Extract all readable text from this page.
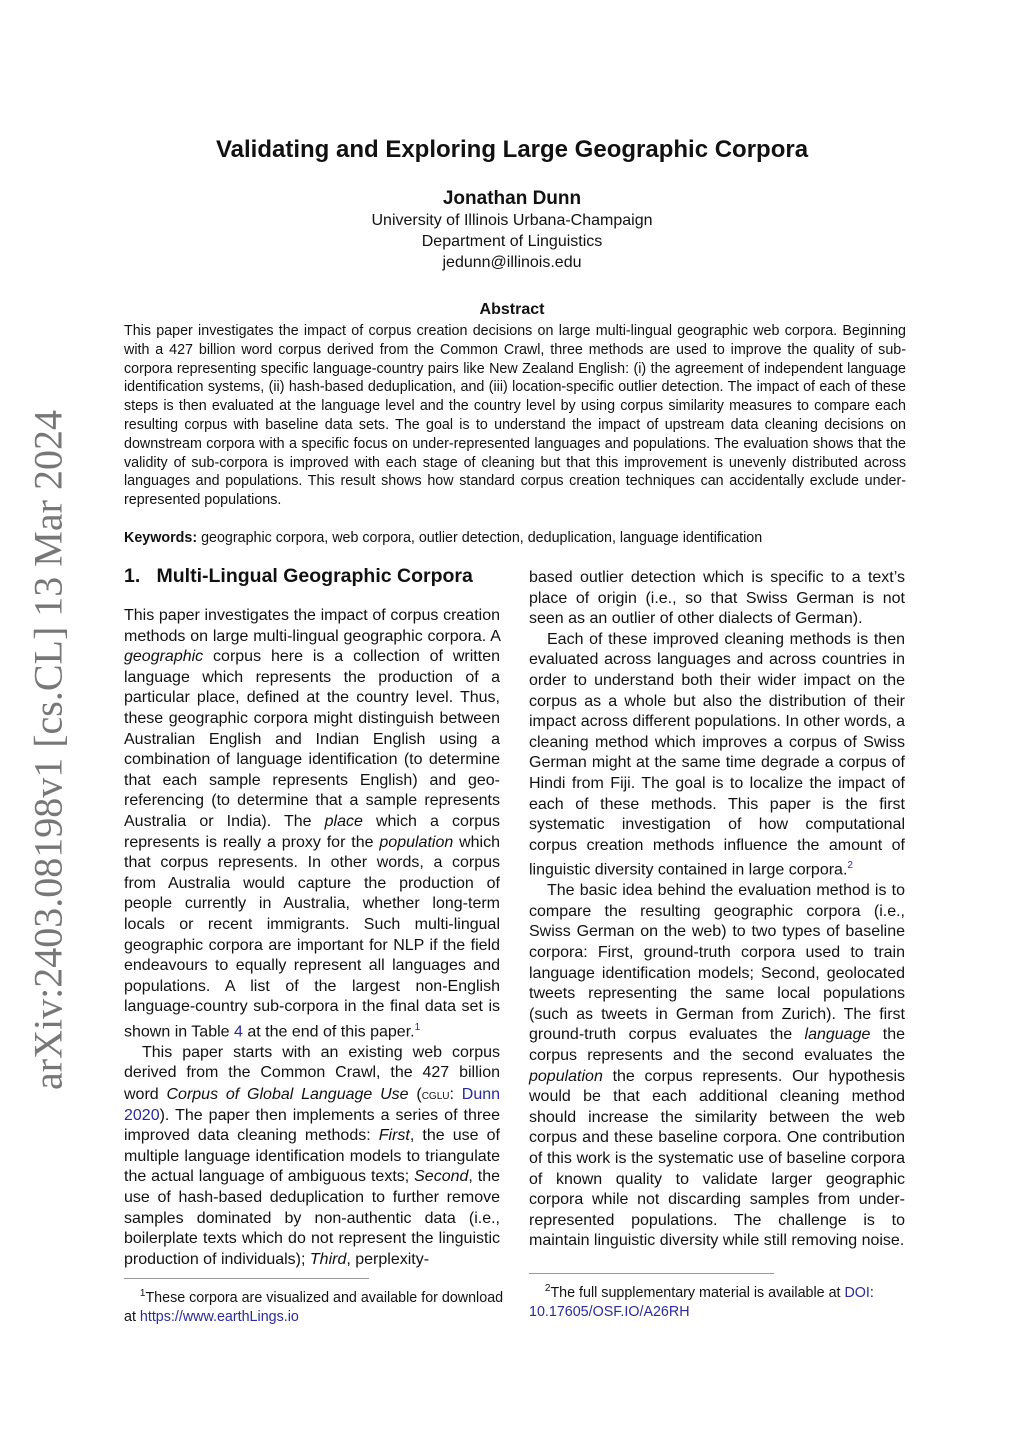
arXiv:2403.08198v1 [cs.CL] 13 Mar 2024
Validating and Exploring Large Geographic Corpora
Jonathan Dunn
University of Illinois Urbana-Champaign
Department of Linguistics
jedunn@illinois.edu
Abstract
This paper investigates the impact of corpus creation decisions on large multi-lingual geographic web corpora. Beginning with a 427 billion word corpus derived from the Common Crawl, three methods are used to improve the quality of sub-corpora representing specific language-country pairs like New Zealand English: (i) the agreement of independent language identification systems, (ii) hash-based deduplication, and (iii) location-specific outlier detection. The impact of each of these steps is then evaluated at the language level and the country level by using corpus similarity measures to compare each resulting corpus with baseline data sets. The goal is to understand the impact of upstream data cleaning decisions on downstream corpora with a specific focus on under-represented languages and populations. The evaluation shows that the validity of sub-corpora is improved with each stage of cleaning but that this improvement is unevenly distributed across languages and populations. This result shows how standard corpus creation techniques can accidentally exclude under-represented populations.
Keywords: geographic corpora, web corpora, outlier detection, deduplication, language identification
1. Multi-Lingual Geographic Corpora

This paper investigates the impact of corpus creation methods on large multi-lingual geographic corpora. A geographic corpus here is a collection of written language which represents the production of a particular place, defined at the country level. Thus, these geographic corpora might distinguish between Australian English and Indian English using a combination of language identification (to determine that each sample represents English) and geo-referencing (to determine that a sample represents Australia or India). The place which a corpus represents is really a proxy for the population which that corpus represents. In other words, a corpus from Australia would capture the production of people currently in Australia, whether long-term locals or recent immigrants. Such multi-lingual geographic corpora are important for NLP if the field endeavours to equally represent all languages and populations. A list of the largest non-English language-country sub-corpora in the final data set is shown in Table 4 at the end of this paper.$^1$

This paper starts with an existing web corpus derived from the Common Crawl, the 427 billion word Corpus of Global Language Use (cglu: Dunn 2020). The paper then implements a series of three improved data cleaning methods: First, the use of multiple language identification models to triangulate the actual language of ambiguous texts; Second, the use of hash-based deduplication to further remove samples dominated by non-authentic data (i.e., boilerplate texts which do not represent the linguistic production of individuals); Third, perplexity-

based outlier detection which is specific to a text’s place of origin (i.e., so that Swiss German is not seen as an outlier of other dialects of German).

Each of these improved cleaning methods is then evaluated across languages and across countries in order to understand both their wider impact on the corpus as a whole but also the distribution of their impact across different populations. In other words, a cleaning method which improves a corpus of Swiss German might at the same time degrade a corpus of Hindi from Fiji. The goal is to localize the impact of each of these methods. This paper is the first systematic investigation of how computational corpus creation methods influence the amount of linguistic diversity contained in large corpora.$^2$

The basic idea behind the evaluation method is to compare the resulting geographic corpora (i.e., Swiss German on the web) to two types of baseline corpora: First, ground-truth corpora used to train language identification models; Second, geolocated tweets representing the same local populations (such as tweets in German from Zurich). The first ground-truth corpus evaluates the language the corpus represents and the second evaluates the population the corpus represents. Our hypothesis would be that each additional cleaning method should increase the similarity between the web corpus and these baseline corpora. One contribution of this work is the systematic use of baseline corpora of known quality to validate larger geographic corpora while not discarding samples from under-represented populations. The challenge is to maintain linguistic diversity while still removing noise.

$^1$These corpora are visualized and available for download at https://www.earthLings.io
$^2$The full supplementary material is available at DOI: 10.17605/OSF.IO/A26RH
